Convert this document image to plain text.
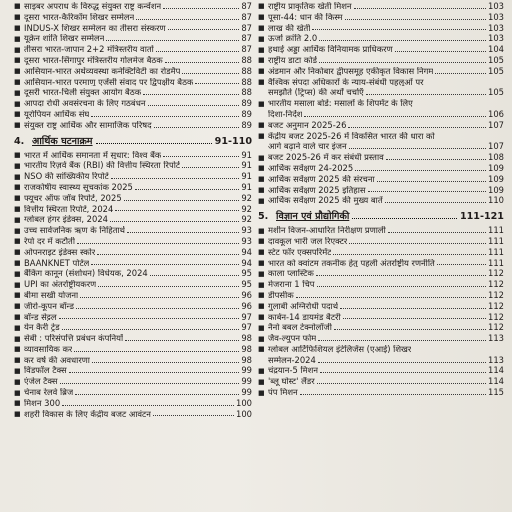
■ साइबर अपराध के विरुद्ध संयुक्त राष्ट्र कन्वेंशन	87
■ दूसरा भारत-कैरिकॉम शिखर सम्मेलन	87
■ INDUS-X शिखर सम्मेलन का तीसरा संस्करण	87
■ यूक्रेन शांति शिखर सम्मेलन	87
■ तीसरा भारत-जापान 2+2 मंत्रिस्तरीय वार्ता	87
■ दूसरा भारत-सिंगापुर मंत्रिस्तरीय गोलमेज बैठक	88
■ आसियान-भारत अर्थव्यवस्था कनेक्टिविटी का रोडमैप	88
■ आसियान-भारत परमाणु एजेंसी संवाद पर द्विपक्षीय बैठक	88
■ दूसरी भारत-चिली संयुक्त आयोग बैठक	88
■ आपदा रोधी अवसंरचना के लिए गठबंधन	89
■ यूरोपियन आर्थिक संघ	89
■ संयुक्त राष्ट्र आर्थिक और सामाजिक परिषद	89
4. आर्थिक घटनाक्रम	91-110
■ भारत में आर्थिक समानता में सुधार: विश्व बैंक	91
■ भारतीय रिज़र्व बैंक (RBI) की वित्तीय स्थिरता रिपोर्ट	91
■ NSO की सांख्यिकीय रिपोर्ट	91
■ राजकोषीय स्वास्थ्य सूचकांक 2025	91
■ फ्यूचर ऑफ जॉब रिपोर्ट, 2025	92
■ वित्तीय स्थिरता रिपोर्ट, 2024	92
■ ग्लोबल हंगर इंडेक्स, 2024	92
■ उच्च सार्वजनिक ऋण के निहितार्थ	93
■ रेपो दर में कटौती	93
■ ओपनराइट इंडेक्स स्कोर	94
■ BAANKNET पोर्टल	94
■ बैंकिंग कानून (संशोधन) विधेयक, 2024	95
■ UPI का अंतर्राष्ट्रीयकरण	95
■ बीमा सखी योजना	96
■ जीरो-कूपन बॉन्ड	96
■ बॉन्ड सेट्टल	97
■ येन कैरी ट्रेड	97
■ सेबी : परिसंपत्ति प्रबंधन कंपनियाँ	98
■ व्यावसायिक कर	98
■ कर वर्ष की अवधारणा	98
■ विंडफॉल टैक्स	99
■ एंजेल टैक्स	99
■ चेनाब रेलवे ब्रिज	99
■ मिशन 300	100
■ शहरी विकास के लिए केंद्रीय बजट आवंटन	100
■ राष्ट्रीय प्राकृतिक खेती मिशन	103
■ पूसा-44: धान की किस्म	103
■ लाख की खेती	103
■ ऊर्जा क्रांति 2.0	103
■ हथाई अड्डा आर्थिक विनियामक प्राधिकरण	104
■ राष्ट्रीय डाटा कोर्ड	105
■ अंडमान और निकोबार द्वीपसमूह एकीकृत विकास निगम	105
■ वैश्विक संपदा अधिकारों के न्याय-संबंधी पहलुओं पर
समझौते (ट्रिप्स) की अर्थों चर्चाएँ	105
■ भारतीय मसाला बोर्ड: मसालों के शिपमेंट के लिए
दिशा-निर्देश	106
■ बजट अनुमान 2025-26	107
■ केंद्रीय बजट 2025-26 में विकसित भारत की धारा को
आगे बढ़ाने वाले चार इंजन	107
■ बजट 2025-26 में कर संबंधी प्रस्ताव	108
■ आर्थिक सर्वेक्षण 24-2025	109
■ आर्थिक सर्वेक्षण 2025 की संरचना	109
■ आर्थिक सर्वेक्षण 2025 इतिहास	109
■ आर्थिक सर्वेक्षण 2025 की मुख्य बातें	110
5. विज्ञान एवं प्रौद्योगिकी	111-121
■ मशीन विजन-आधारित निरीक्षण प्रणाली	111
■ दावकूल भारी जल रिएक्टर	111
■ स्टेट फॉर एक्सपरिमेंट	111
■ भारत को क्वांटम तकनीक हेतु पहली अंतर्राष्ट्रीय रणनीति	111
■ काला प्लास्टिक	112
■ मेजराना 1 चिप	112
■ डीपसीक	112
■ गुलाबी अग्निरोधी पदार्थ	112
■ कार्बन-14 डायमंड बैटरी	112
■ नैनो बबल टेक्नोलॉजी	112
■ जैव-ल्युपन फोम	113
■ ग्लोबल आर्टिफिशियल इंटेलिजेंस (एआई) शिखर
सम्मेलन-2024	113
■ चंद्रयान-5 मिशन	114
■ 'ब्लू घोस्ट' लैंडर	114
■ पंप मिशन	115
